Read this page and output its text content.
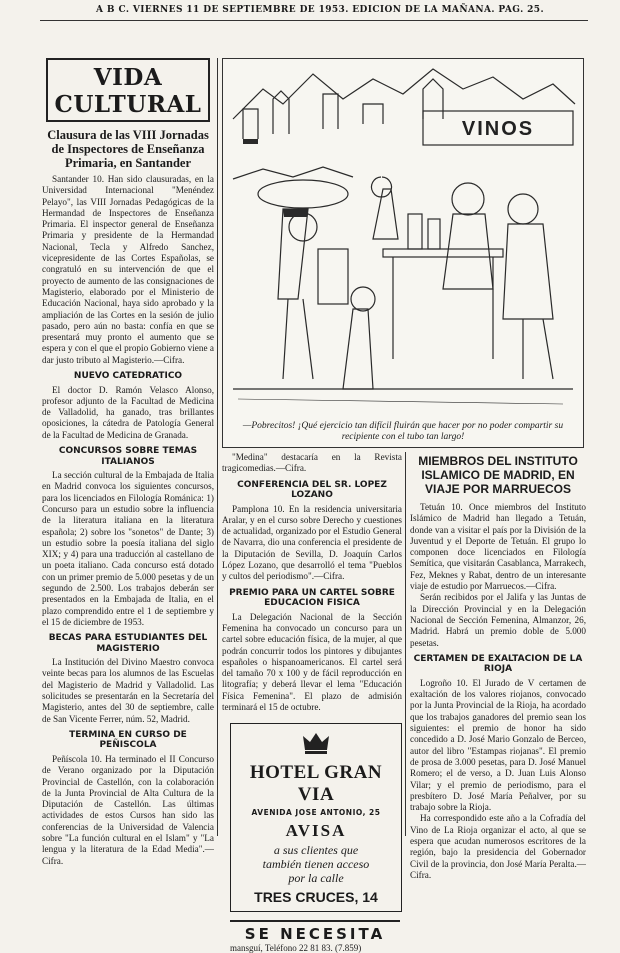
A B C. VIERNES 11 DE SEPTIEMBRE DE 1953. EDICION DE LA MAÑANA. PAG. 25.
VIDA CULTURAL
Clausura de las VIII Jornadas de Inspectores de Enseñanza Primaria, en Santander

Santander 10. Han sido clausuradas, en la Universidad Internacional "Menéndez Pelayo", las VIII Jornadas Pedagógicas de la Hermandad de Inspectores de Enseñanza Primaria. El inspector general de Enseñanza Primaria y presidente de la Hermandad Nacional, Tecla y Alfredo Sanchez, vicepresidente de las Cortes Españolas, se congratuló en su intervención de que el proyecto de aumento de las consignaciones de Magisterio, elaborado por el Ministerio de Educación Nacional, haya sido aprobado y la ampliación de las Cortes en la sesión de julio pasado, pero aún no basta: confía en que se presentará muy pronto el aumento que se espera y con el que el propio Gobierno viene a dar justo tributo al Magisterio.—Cifra.

NUEVO CATEDRATICO

El doctor D. Ramón Velasco Alonso, profesor adjunto de la Facultad de Medicina de Valladolid, ha ganado, tras brillantes oposiciones, la cátedra de Patología General de la Facultad de Medicina de Granada.

CONCURSOS SOBRE TEMAS ITALIANOS

La sección cultural de la Embajada de Italia en Madrid convoca los siguientes concursos, para los licenciados en Filología Románica: 1) Concurso para un estudio sobre la influencia de la literatura italiana en la literatura española; 2) sobre los "sonetos" de Dante; 3) un estudio sobre la poesía italiana del siglo XIX; y 4) para una traducción al castellano de un poeta italiano. Cada concurso está dotado con un primer premio de 5.000 pesetas y de un segundo de 2.500. Los trabajos deberán ser presentados en la Embajada de Italia, en el plazo comprendido entre el 1 de septiembre y el 15 de diciembre de 1953.

BECAS PARA ESTUDIANTES DEL MAGISTERIO

La Institución del Divino Maestro convoca veinte becas para los alumnos de las Escuelas del Magisterio de Madrid y Valladolid. Las solicitudes se presentarán en la Secretaría del Magisterio, antes del 30 de septiembre, calle de San Vicente Ferrer, núm. 52, Madrid.

TERMINA EN CURSO DE PEÑISCOLA

Peñíscola 10. Ha terminado el II Concurso de Verano organizado por la Diputación Provincial de Castellón, con la colaboración de la Junta Provincial de Alta Cultura de la Diputación de Castellón. Las últimas actividades de estos Cursos han sido las conferencias de la Universidad de Valencia sobre "La función cultural en el Islam" y "La lengua y la literatura de la Edad Media".—Cifra.

VINOS
—Pobrecitos! ¡Qué ejercicio tan difícil fluirán que hacer por no poder compartir su recipiente con el tubo tan largo!

"Medina" destacaría en la Revista tragicomedias.—Cifra.

CONFERENCIA DEL SR. LOPEZ LOZANO

Pamplona 10. En la residencia universitaria Aralar, y en el curso sobre Derecho y cuestiones de actualidad, organizado por el Estudio General de Navarra, dio una conferencia el presidente de la Diputación de Sevilla, D. Joaquín Carlos López Lozano, que desarrolló el tema "Pueblos y cultos del periodismo".—Cifra.

PREMIO PARA UN CARTEL SOBRE EDUCACION FISICA

La Delegación Nacional de la Sección Femenina ha convocado un concurso para un cartel sobre educación física, de la mujer, al que podrán concurrir todos los pintores y dibujantes españoles o hispanoamericanos. El cartel será del tamaño 70 x 100 y de fácil reproducción en litografía; y deberá llevar el lema "Educación Física Femenina". El plazo de admisión terminará el 15 de octubre.

HOTEL GRAN VIA
AVENIDA JOSE ANTONIO, 25
AVISA
a sus clientes que
también tienen acceso
por la calle
TRES CRUCES, 14
SE NECESITA
mansguí, Teléfono 22 81 83. (7.859)
MIEMBROS DEL INSTITUTO ISLAMICO DE MADRID, EN VIAJE POR MARRUECOS

Tetuán 10. Once miembros del Instituto Islámico de Madrid han llegado a Tetuán, donde van a visitar el país por la División de la Juventud y el Deporte de Tetuán. El grupo lo componen doce licenciados en Filología Semítica, que visitarán Casablanca, Marrakech, Fez, Meknes y Rabat, dentro de un interesante viaje de estudio por Marruecos.—Cifra.

Serán recibidos por el Jalifa y las Juntas de la Dirección Provincial y en la Delegación Nacional de Sección Femenina, Almanzor, 26, Madrid. Habrá un premio doble de 5.000 pesetas.

CERTAMEN DE EXALTACION DE LA RIOJA

Logroño 10. El Jurado de V certamen de exaltación de los valores riojanos, convocado por la Junta Provincial de la Rioja, ha acordado que los trabajos ganadores del premio sean los siguientes: el premio de honor ha sido concedido a D. José Mario Gonzalo de Berceo, autor del libro "Estampas riojanas". El premio de prosa de 3.000 pesetas, para D. José Manuel Romero; el de verso, a D. Juan Luis Alonso Vilar; y el premio de periodismo, para el presbítero D. José María Peñalver, por su trabajo sobre la Rioja.

Ha correspondido este año a la Cofradía del Vino de La Rioja organizar el acto, al que se espera que acudan numerosos escritores de la región, bajo la presidencia del Gobernador Civil de la provincia, don José María Peralta.—Cifra.
